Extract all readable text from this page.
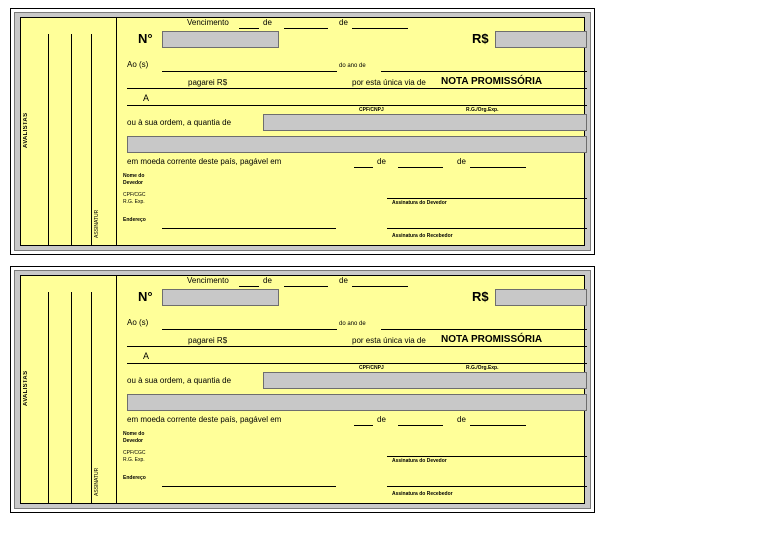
AVALISTAS
ASSINATUR
Vencimento	de	de
N°	R$
Ao (s)	do ano de
pagarei R$	por esta única via de NOTA PROMISSÓRIA
A
CPF/CNPJ	R.G./Org.Exp.
ou à sua ordem, a quantia de
em moeda corrente deste país, pagável em	de	de
Nome do
Devedor
CPF/CGC
R.G. Exp.	Assinatura do Devedor
Endereço
Assinatura do Recebedor
AVALISTAS
ASSINATUR
Vencimento	de	de
N°	R$
Ao (s)	do ano de
pagarei R$	por esta única via de NOTA PROMISSÓRIA
A
CPF/CNPJ	R.G./Org.Exp.
ou à sua ordem, a quantia de
em moeda corrente deste país, pagável em	de	de
Nome do
Devedor
CPF/CGC
R.G. Exp.	Assinatura do Devedor
Endereço
Assinatura do Recebedor
